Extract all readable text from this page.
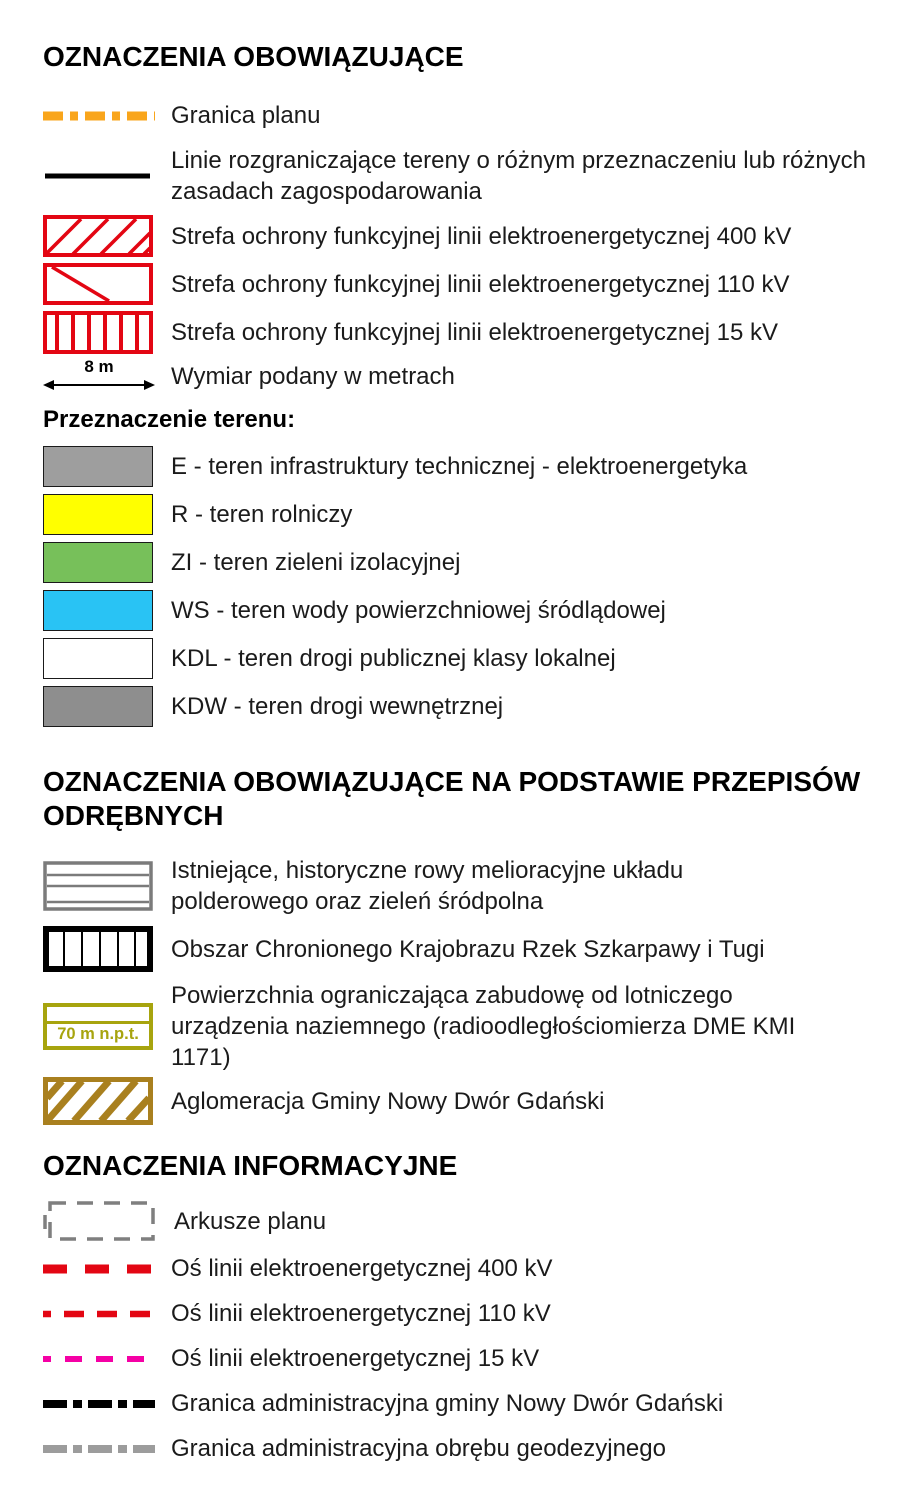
OZNACZENIA OBOWIĄZUJĄCE
Granica planu
Linie rozgraniczające tereny o różnym przeznaczeniu lub różnych zasadach zagospodarowania
Strefa ochrony funkcyjnej linii elektroenergetycznej 400 kV
Strefa ochrony funkcyjnej linii elektroenergetycznej 110 kV
Strefa ochrony funkcyjnej linii elektroenergetycznej 15 kV
8 m Wymiar podany w metrach
Przeznaczenie terenu:
E - teren infrastruktury technicznej - elektroenergetyka
R - teren rolniczy
ZI - teren zieleni izolacyjnej
WS - teren wody powierzchniowej śródlądowej
KDL - teren drogi publicznej klasy lokalnej
KDW - teren drogi wewnętrznej
OZNACZENIA OBOWIĄZUJĄCE NA PODSTAWIE PRZEPISÓW ODRĘBNYCH
Istniejące, historyczne rowy melioracyjne układu polderowego oraz zieleń śródpolna
Obszar Chronionego Krajobrazu Rzek Szkarpawy i Tugi
70 m n.p.t.
Powierzchnia ograniczająca zabudowę od lotniczego urządzenia naziemnego (radioodległościomierza DME KMI 1171)
Aglomeracja Gminy Nowy Dwór Gdański
OZNACZENIA INFORMACYJNE
Arkusze planu
Oś linii elektroenergetycznej 400 kV
Oś linii elektroenergetycznej 110 kV
Oś linii elektroenergetycznej 15 kV
Granica administracyjna gminy Nowy Dwór Gdański
Granica administracyjna obrębu geodezyjnego
